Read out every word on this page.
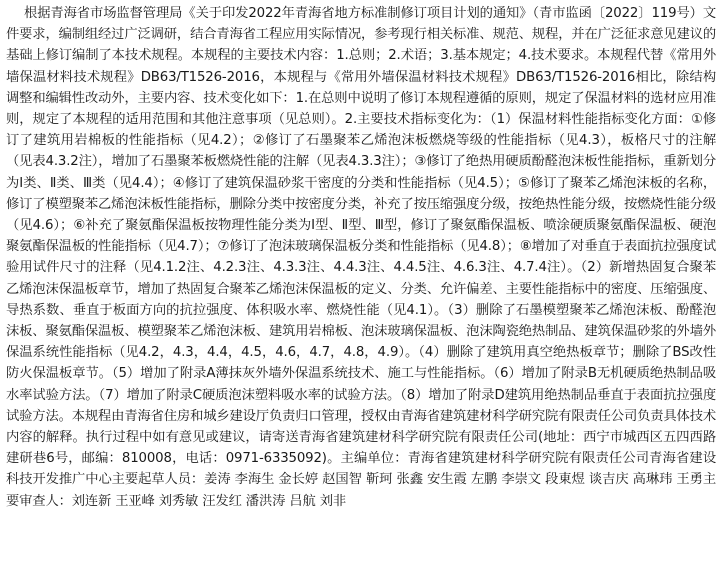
根据青海省市场监督管理局《关于印发2022年青海省地方标准制修订项目计划的通知》（青市监函〔2022〕119号）文件要求，编制组经过广泛调研，结合青海省工程应用实际情况，参考现行相关标准、规范、规程，并在广泛征求意见建议的基础上修订编制了本技术规程。本规程的主要技术内容：1.总则；2.术语；3.基本规定；4.技术要求。本规程代替《常用外墙保温材料技术规程》DB63/T1526-2016，本规程与《常用外墙保温材料技术规程》DB63/T1526-2016相比，除结构调整和编辑性改动外，主要内容、技术变化如下：1.在总则中说明了修订本规程遵循的原则，规定了保温材料的选材应用准则，规定了本规程的适用范围和其他注意事项（见总则）。2.主要技术指标变化为：（1）保温材料性能指标变化方面：①修订了建筑用岩棉板的性能指标（见4.2）；②修订了石墨聚苯乙烯泡沫板燃烧等级的性能指标（见4.3），板格尺寸的注解（见表4.3.2注），增加了石墨聚苯板燃烧性能的注解（见表4.3.3注）；③修订了绝热用硬质酚醛泡沫板性能指标，重新划分为Ⅰ类、Ⅱ类、Ⅲ类（见4.4）；④修订了建筑保温砂浆干密度的分类和性能指标（见4.5）；⑤修订了聚苯乙烯泡沫板的名称，修订了模塑聚苯乙烯泡沫板性能指标，删除分类中按密度分类，补充了按压缩强度分级，按绝热性能分级，按燃烧性能分级（见4.6）；⑥补充了聚氨酯保温板按物理性能分类为Ⅰ型、Ⅱ型、Ⅲ型，修订了聚氨酯保温板、喷涂硬质聚氨酯保温板、硬泡聚氨酯保温板的性能指标（见4.7）；⑦修订了泡沫玻璃保温板分类和性能指标（见4.8）；⑧增加了对垂直于表面抗拉强度试验用试件尺寸的注释（见4.1.2注、4.2.3注、4.3.3注、4.4.3注、4.4.5注、4.6.3注、4.7.4注）。（2）新增热固复合聚苯乙烯泡沫保温板章节，增加了热固复合聚苯乙烯泡沫保温板的定义、分类、允许偏差、主要性能指标中的密度、压缩强度、导热系数、垂直于板面方向的抗拉强度、体积吸水率、燃烧性能（见4.1）。（3）删除了石墨模塑聚苯乙烯泡沫板、酚醛泡沫板、聚氨酯保温板、模塑聚苯乙烯泡沫板、建筑用岩棉板、泡沫玻璃保温板、泡沫陶瓷绝热制品、建筑保温砂浆的外墙外保温系统性能指标（见4.2，4.3，4.4，4.5，4.6，4.7，4.8，4.9）。（4）删除了建筑用真空绝热板章节；删除了BS改性防火保温板章节。（5）增加了附录A薄抹灰外墙外保温系统技术、施工与性能指标。（6）增加了附录B无机硬质绝热制品吸水率试验方法。（7）增加了附录C硬质泡沫塑料吸水率的试验方法。（8）增加了附录D建筑用绝热制品垂直于表面抗拉强度试验方法。本规程由青海省住房和城乡建设厅负责归口管理，授权由青海省建筑建材科学研究院有限责任公司负责具体技术内容的解释。执行过程中如有意见或建议，请寄送青海省建筑建材科学研究院有限责任公司(地址：西宁市城西区五四西路建研巷6号，邮编：810008，电话：0971-6335092)。主编单位：青海省建筑建材科学研究院有限责任公司青海省建设科技开发推广中心主要起草人员：姜涛 李海生 金长婷 赵国智 靳珂 张鑫 安生霞 左鹏 李崇文 段東煜 谈吉庆 高琳玮 王勇主要审查人：刘连新 王亚峰 刘秀敏 汪发红 潘洪涛 吕航 刘非
